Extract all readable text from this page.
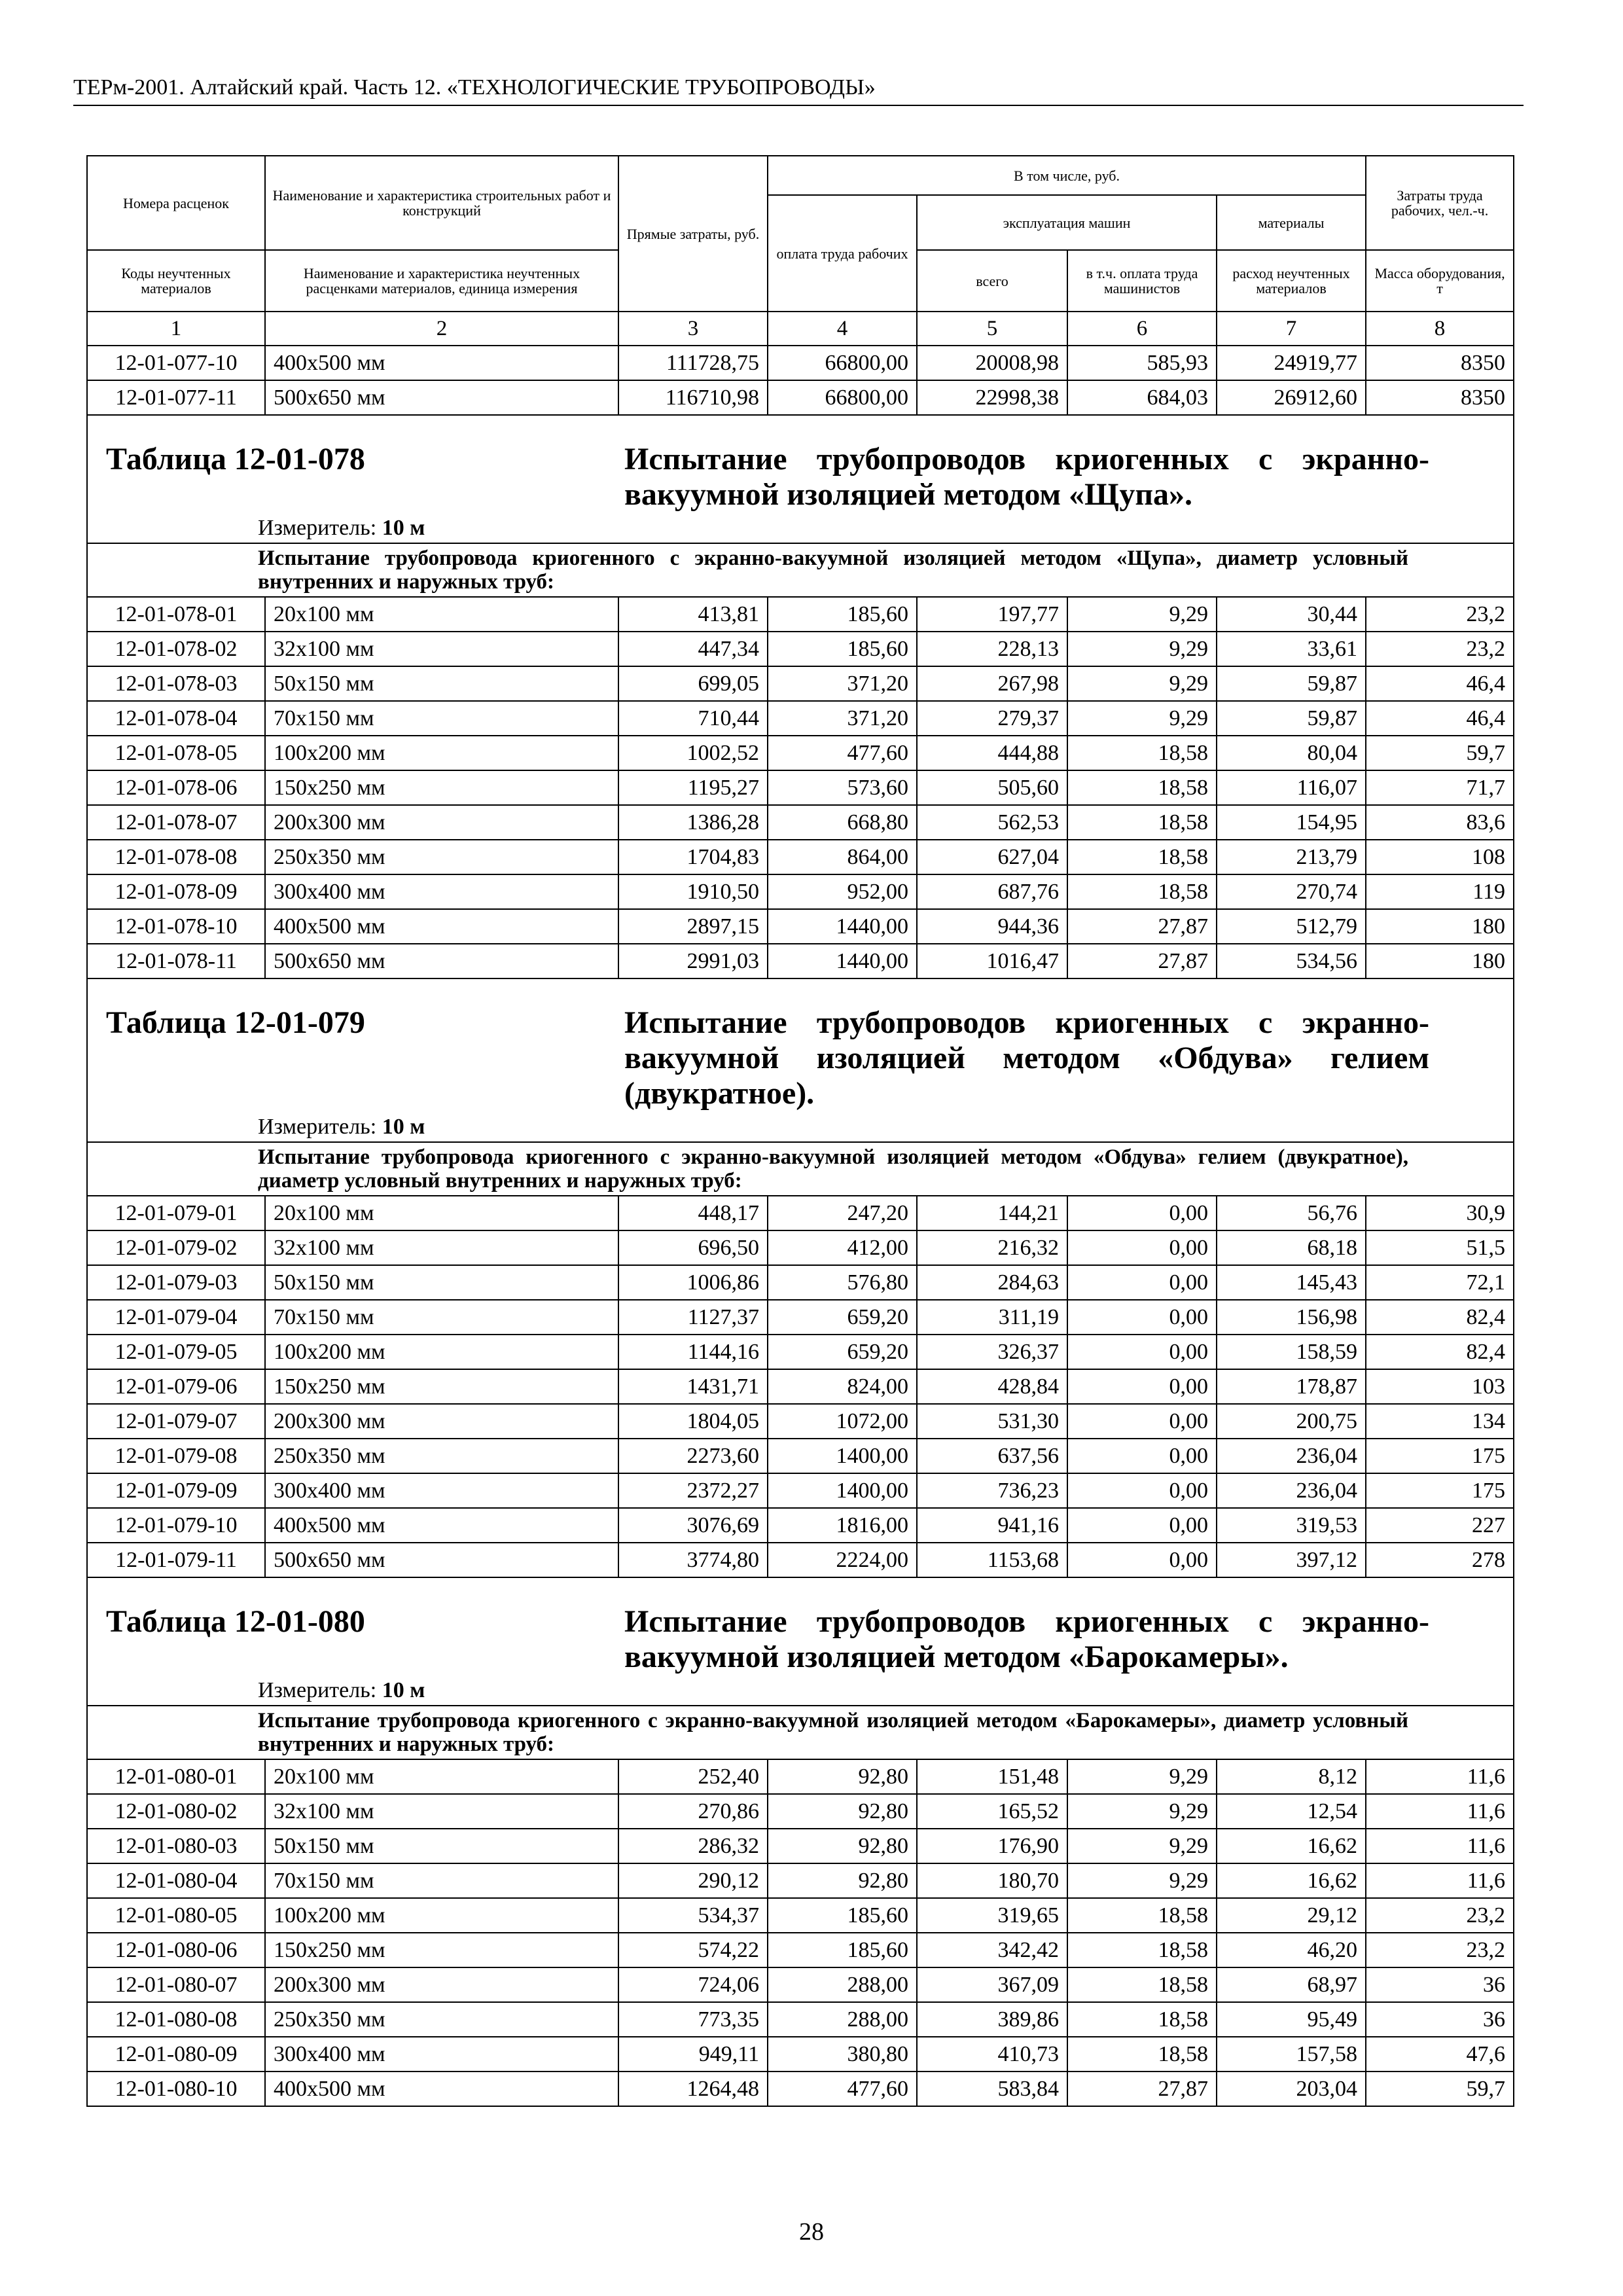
ТЕРм-2001. Алтайский край. Часть 12. «ТЕХНОЛОГИЧЕСКИЕ ТРУБОПРОВОДЫ»
Номера расценок	Наименование и характеристика строительных работ и конструкций	Прямые затраты, руб.	В том числе, руб.				Затраты труда рабочих, чел.-ч.
			оплата труда рабочих	эксплуатация машин		материалы	
Коды неучтенных материалов	Наименование и характеристика неучтенных расценками материалов, единица измерения			всего	в т.ч. оплата труда машинистов	расход неучтенных материалов	Масса оборудования, т
1	2	3	4	5	6	7	8
12-01-077-10	400х500 мм	111728,75	66800,00	20008,98	585,93	24919,77	8350
12-01-077-11	500х650 мм	116710,98	66800,00	22998,38	684,03	26912,60	8350

Таблица 12-01-078 Испытание трубопроводов криогенных с экранно-вакуумной изоляцией методом «Щупа».							

Измеритель: 10 м							

Испытание трубопровода криогенного с экранно-вакуумной изоляцией методом «Щупа», диаметр условный внутренних и наружных труб:							

12-01-078-01	20х100 мм	413,81	185,60	197,77	9,29	30,44	23,2
12-01-078-02	32х100 мм	447,34	185,60	228,13	9,29	33,61	23,2
12-01-078-03	50х150 мм	699,05	371,20	267,98	9,29	59,87	46,4
12-01-078-04	70х150 мм	710,44	371,20	279,37	9,29	59,87	46,4
12-01-078-05	100х200 мм	1002,52	477,60	444,88	18,58	80,04	59,7
12-01-078-06	150х250 мм	1195,27	573,60	505,60	18,58	116,07	71,7
12-01-078-07	200х300 мм	1386,28	668,80	562,53	18,58	154,95	83,6
12-01-078-08	250х350 мм	1704,83	864,00	627,04	18,58	213,79	108
12-01-078-09	300х400 мм	1910,50	952,00	687,76	18,58	270,74	119
12-01-078-10	400х500 мм	2897,15	1440,00	944,36	27,87	512,79	180
12-01-078-11	500х650 мм	2991,03	1440,00	1016,47	27,87	534,56	180

Таблица 12-01-079 Испытание трубопроводов криогенных с экранно-вакуумной изоляцией методом «Обдува» гелием (двукратное).							

Измеритель: 10 м							

Испытание трубопровода криогенного с экранно-вакуумной изоляцией методом «Обдува» гелием (двукратное), диаметр условный внутренних и наружных труб:							

12-01-079-01	20х100 мм	448,17	247,20	144,21	0,00	56,76	30,9
12-01-079-02	32х100 мм	696,50	412,00	216,32	0,00	68,18	51,5
12-01-079-03	50х150 мм	1006,86	576,80	284,63	0,00	145,43	72,1
12-01-079-04	70х150 мм	1127,37	659,20	311,19	0,00	156,98	82,4
12-01-079-05	100х200 мм	1144,16	659,20	326,37	0,00	158,59	82,4
12-01-079-06	150х250 мм	1431,71	824,00	428,84	0,00	178,87	103
12-01-079-07	200х300 мм	1804,05	1072,00	531,30	0,00	200,75	134
12-01-079-08	250х350 мм	2273,60	1400,00	637,56	0,00	236,04	175
12-01-079-09	300х400 мм	2372,27	1400,00	736,23	0,00	236,04	175
12-01-079-10	400х500 мм	3076,69	1816,00	941,16	0,00	319,53	227
12-01-079-11	500х650 мм	3774,80	2224,00	1153,68	0,00	397,12	278

Таблица 12-01-080 Испытание трубопроводов криогенных с экранно-вакуумной изоляцией методом «Барокамеры».							

Измеритель: 10 м							

Испытание трубопровода криогенного с экранно-вакуумной изоляцией методом «Барокамеры», диаметр условный внутренних и наружных труб:							

12-01-080-01	20х100 мм	252,40	92,80	151,48	9,29	8,12	11,6
12-01-080-02	32х100 мм	270,86	92,80	165,52	9,29	12,54	11,6
12-01-080-03	50х150 мм	286,32	92,80	176,90	9,29	16,62	11,6
12-01-080-04	70х150 мм	290,12	92,80	180,70	9,29	16,62	11,6
12-01-080-05	100х200 мм	534,37	185,60	319,65	18,58	29,12	23,2
12-01-080-06	150х250 мм	574,22	185,60	342,42	18,58	46,20	23,2
12-01-080-07	200х300 мм	724,06	288,00	367,09	18,58	68,97	36
12-01-080-08	250х350 мм	773,35	288,00	389,86	18,58	95,49	36
12-01-080-09	300х400 мм	949,11	380,80	410,73	18,58	157,58	47,6
12-01-080-10	400х500 мм	1264,48	477,60	583,84	27,87	203,04	59,7
28
